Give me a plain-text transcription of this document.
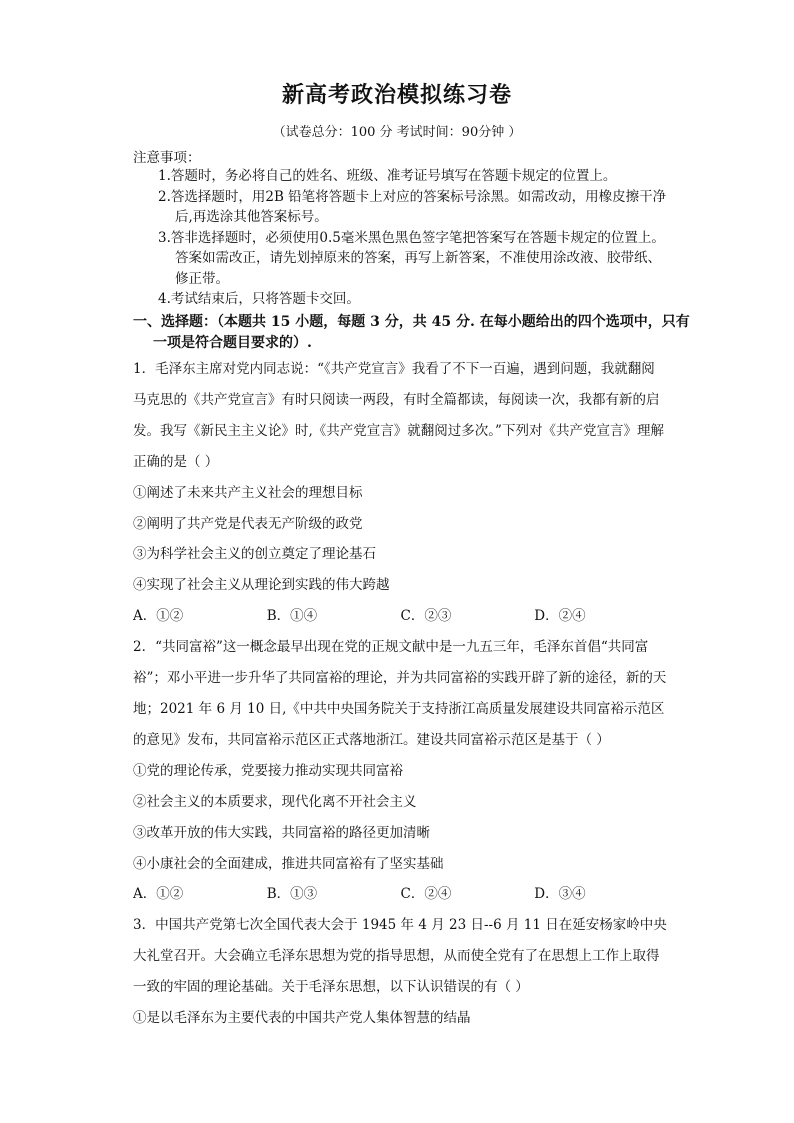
新高考政治模拟练习卷
（试卷总分：100 分 考试时间：90分钟 ）
注意事项：
1.答题时，务必将自己的姓名、班级、准考证号填写在答题卡规定的位置上。
2.答选择题时，用2B 铅笔将答题卡上对应的答案标号涂黑。如需改动，用橡皮擦干净后,再选涂其他答案标号。
3.答非选择题时，必须使用0.5毫米黑色黑色签字笔把答案写在答题卡规定的位置上。答案如需改正，请先划掉原来的答案，再写上新答案，不准使用涂改液、胶带纸、修正带。
4.考试结束后，只将答题卡交回。
一、选择题：（本题共 15 小题，每题 3 分，共 45 分. 在每小题给出的四个选项中，只有一项是符合题目要求的）.
1．毛泽东主席对党内同志说：“《共产党宣言》我看了不下一百遍，遇到问题，我就翻阅马克思的《共产党宣言》有时只阅读一两段，有时全篇都读，每阅读一次，我都有新的启发。我写《新民主主义论》时,《共产党宣言》就翻阅过多次。”下列对《共产党宣言》理解正确的是（ ）
①阐述了未来共产主义社会的理想目标
②阐明了共产党是代表无产阶级的政党
③为科学社会主义的创立奠定了理论基石
④实现了社会主义从理论到实践的伟大跨越
A．①②	B．①④	C．②③	D．②④
2．“共同富裕”这一概念最早出现在党的正规文献中是一九五三年，毛泽东首倡“共同富裕”；邓小平进一步升华了共同富裕的理论，并为共同富裕的实践开辟了新的途径，新的天地；2021 年 6 月 10 日,《中共中央国务院关于支持浙江高质量发展建设共同富裕示范区的意见》发布，共同富裕示范区正式落地浙江。建设共同富裕示范区是基于（ ）
①党的理论传承，党要接力推动实现共同富裕
②社会主义的本质要求，现代化离不开社会主义
③改革开放的伟大实践，共同富裕的路径更加清晰
④小康社会的全面建成，推进共同富裕有了坚实基础
A．①②	B．①③	C．②④	D．③④
3．中国共产党第七次全国代表大会于 1945 年 4 月 23 日--6 月 11 日在延安杨家岭中央大礼堂召开。大会确立毛泽东思想为党的指导思想，从而使全党有了在思想上工作上取得一致的牢固的理论基础。关于毛泽东思想，以下认识错误的有（ ）
①是以毛泽东为主要代表的中国共产党人集体智慧的结晶
